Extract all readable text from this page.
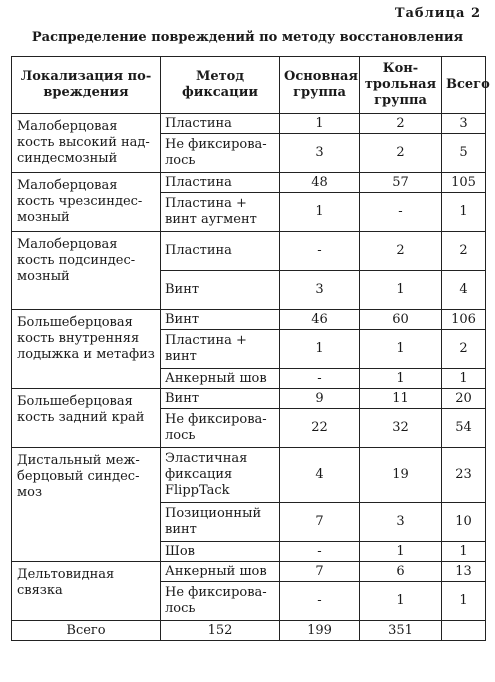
Таблица 2
Распределение повреждений по методу восстановления
Локализация по-вреждения	Метод фиксации	Основная группа	Кон-трольная группа	Всего
Малоберцовая кость высокий над-синдесмозный	Пластина	1	2	3
	Не фиксирова-лось	3	2	5
Малоберцовая кость чрезсиндес-мозный	Пластина	48	57	105
	Пластина + винт аугмент	1	-	1
Малоберцовая кость подсиндес-мозный	Пластина	-	2	2
	Винт	3	1	4
Большеберцовая кость внутренняя лодыжка и метафиз	Винт	46	60	106
	Пластина + винт	1	1	2
	Анкерный шов	-	1	1
Большеберцовая кость задний край	Винт	9	11	20
	Не фиксирова-лось	22	32	54
Дистальный меж-берцовый синдес-моз	Эластичная фиксация FlippTack	4	19	23
	Позиционный винт	7	3	10
	Шов	-	1	1
Дельтовидная связка	Анкерный шов	7	6	13
	Не фиксирова-лось	-	1	1
Всего	152	199	351	
